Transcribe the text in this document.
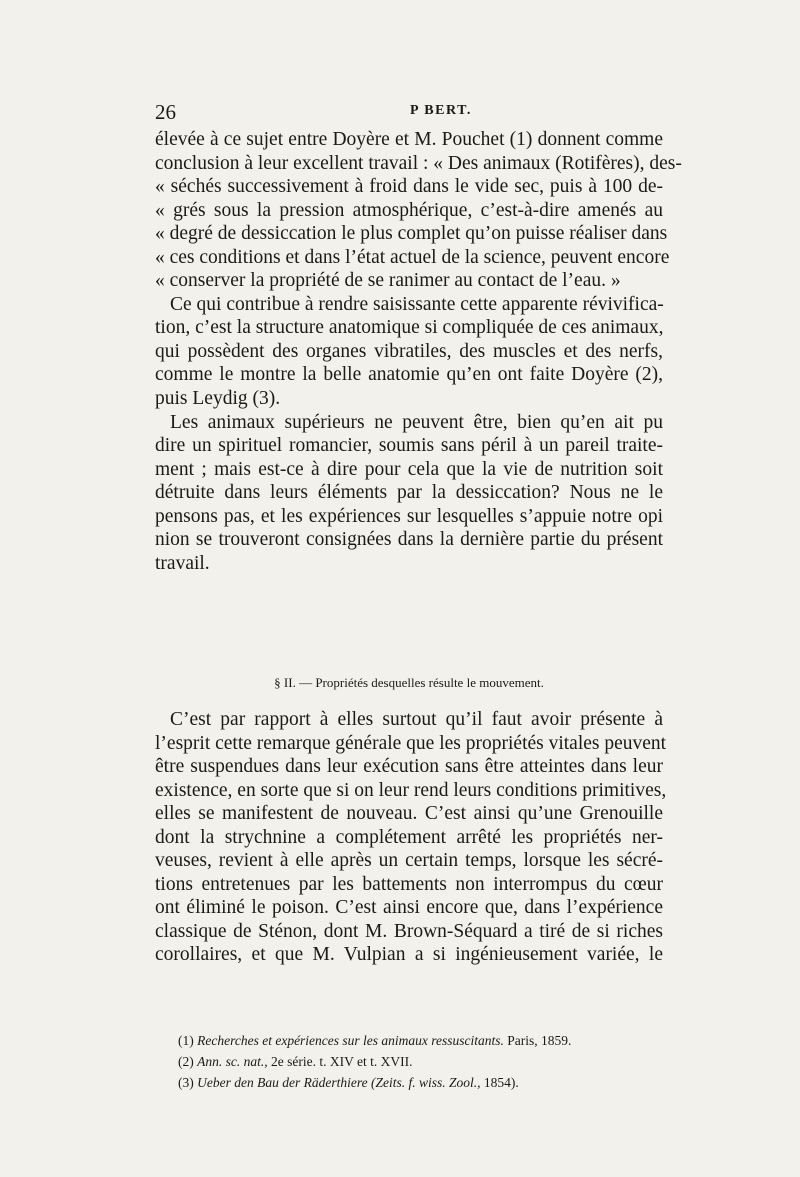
26	P BERT.
élevée à ce sujet entre Doyère et M. Pouchet (1) donnent comme
conclusion à leur excellent travail : « Des animaux (Rotifères), des-
« séchés successivement à froid dans le vide sec, puis à 100 de-
« grés sous la pression atmosphérique, c’est-à-dire amenés au
« degré de dessiccation le plus complet qu’on puisse réaliser dans
« ces conditions et dans l’état actuel de la science, peuvent encore
« conserver la propriété de se ranimer au contact de l’eau. »
Ce qui contribue à rendre saisissante cette apparente révivifica-
tion, c’est la structure anatomique si compliquée de ces animaux,
qui possèdent des organes vibratiles, des muscles et des nerfs,
comme le montre la belle anatomie qu’en ont faite Doyère (2),
puis Leydig (3).
Les animaux supérieurs ne peuvent être, bien qu’en ait pu
dire un spirituel romancier, soumis sans péril à un pareil traite-
ment ; mais est-ce à dire pour cela que la vie de nutrition soit
détruite dans leurs éléments par la dessiccation? Nous ne le
pensons pas, et les expériences sur lesquelles s’appuie notre opi
nion se trouveront consignées dans la dernière partie du présent
travail.
§ II. — Propriétés desquelles résulte le mouvement.
C’est par rapport à elles surtout qu’il faut avoir présente à
l’esprit cette remarque générale que les propriétés vitales peuvent
être suspendues dans leur exécution sans être atteintes dans leur
existence, en sorte que si on leur rend leurs conditions primitives,
elles se manifestent de nouveau. C’est ainsi qu’une Grenouille
dont la strychnine a complétement arrêté les propriétés ner-
veuses, revient à elle après un certain temps, lorsque les sécré-
tions entretenues par les battements non interrompus du cœur
ont éliminé le poison. C’est ainsi encore que, dans l’expérience
classique de Sténon, dont M. Brown-Séquard a tiré de si riches
corollaires, et que M. Vulpian a si ingénieusement variée, le
(1) Recherches et expériences sur les animaux ressuscitants. Paris, 1859.
(2) Ann. sc. nat., 2e série. t. XIV et t. XVII.
(3) Ueber den Bau der Räderthiere (Zeits. f. wiss. Zool., 1854).
